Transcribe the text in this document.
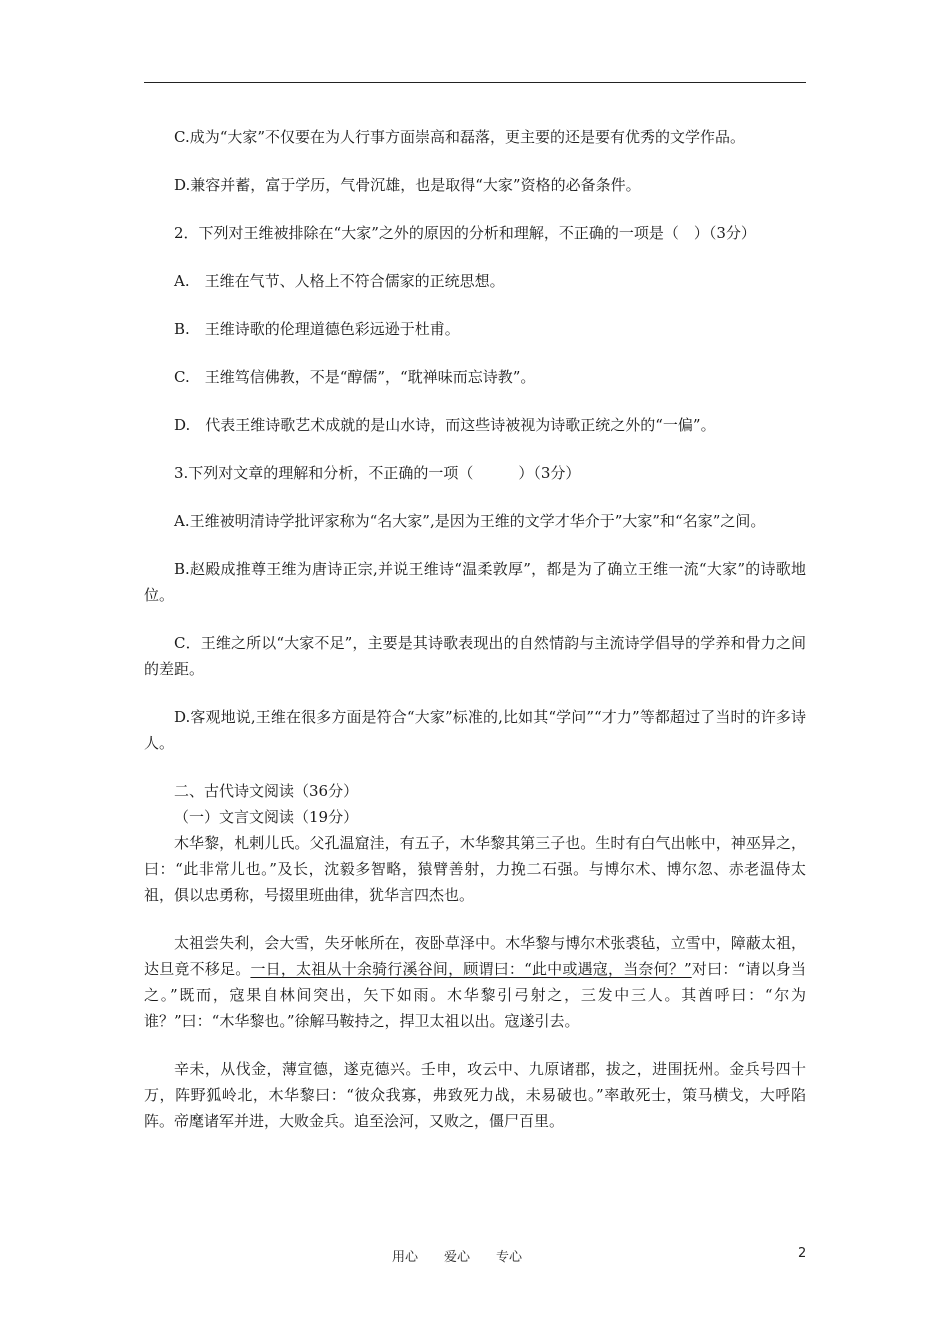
C.成为“大家”不仅要在为人行事方面崇高和磊落，更主要的还是要有优秀的文学作品。

D.兼容并蓄，富于学历，气骨沉雄，也是取得“大家”资格的必备条件。

2．下列对王维被排除在“大家”之外的原因的分析和理解，不正确的一项是（　）（3分）

A.　王维在气节、人格上不符合儒家的正统思想。

B.　王维诗歌的伦理道德色彩远逊于杜甫。

C.　王维笃信佛教，不是“醇儒”，“耽禅味而忘诗教”。

D.　代表王维诗歌艺术成就的是山水诗，而这些诗被视为诗歌正统之外的“一偏”。

3.下列对文章的理解和分析，不正确的一项（　　　）（3分）

A.王维被明清诗学批评家称为“名大家”,是因为王维的文学才华介于”大家”和“名家”之间。

B.赵殿成推尊王维为唐诗正宗,并说王维诗“温柔敦厚”，都是为了确立王维一流“大家”的诗歌地位。

C．王维之所以“大家不足”，主要是其诗歌表现出的自然情韵与主流诗学倡导的学养和骨力之间的差距。

D.客观地说,王维在很多方面是符合“大家”标准的,比如其“学问”“才力”等都超过了当时的许多诗人。

二、古代诗文阅读（36分）

（一）文言文阅读（19分）

木华黎，札剌儿氏。父孔温窟洼，有五子，木华黎其第三子也。生时有白气出帐中，神巫异之，曰：“此非常儿也。”及长，沈毅多智略，猿臂善射，力挽二石强。与博尔术、博尔忽、赤老温侍太祖，俱以忠勇称，号掇里班曲律，犹华言四杰也。

太祖尝失利，会大雪，失牙帐所在，夜卧草泽中。木华黎与博尔术张裘毡，立雪中，障蔽太祖，达旦竟不移足。一日，太祖从十余骑行溪谷间，顾谓曰：“此中或遇寇，当奈何？”对曰：“请以身当之。”既而，寇果自林间突出，矢下如雨。木华黎引弓射之，三发中三人。其酋呼曰：“尔为谁？”曰：“木华黎也。”徐解马鞍持之，捍卫太祖以出。寇遂引去。

辛未，从伐金，薄宣德，遂克德兴。壬申，攻云中、九原诸郡，拔之，进围抚州。金兵号四十万，阵野狐岭北，木华黎曰：“彼众我寡，弗致死力战，未易破也。”率敢死士，策马横戈，大呼陷阵。帝麾诸军并进，大败金兵。追至浍河，又败之，僵尸百里。

用心 爱心 专心	2
